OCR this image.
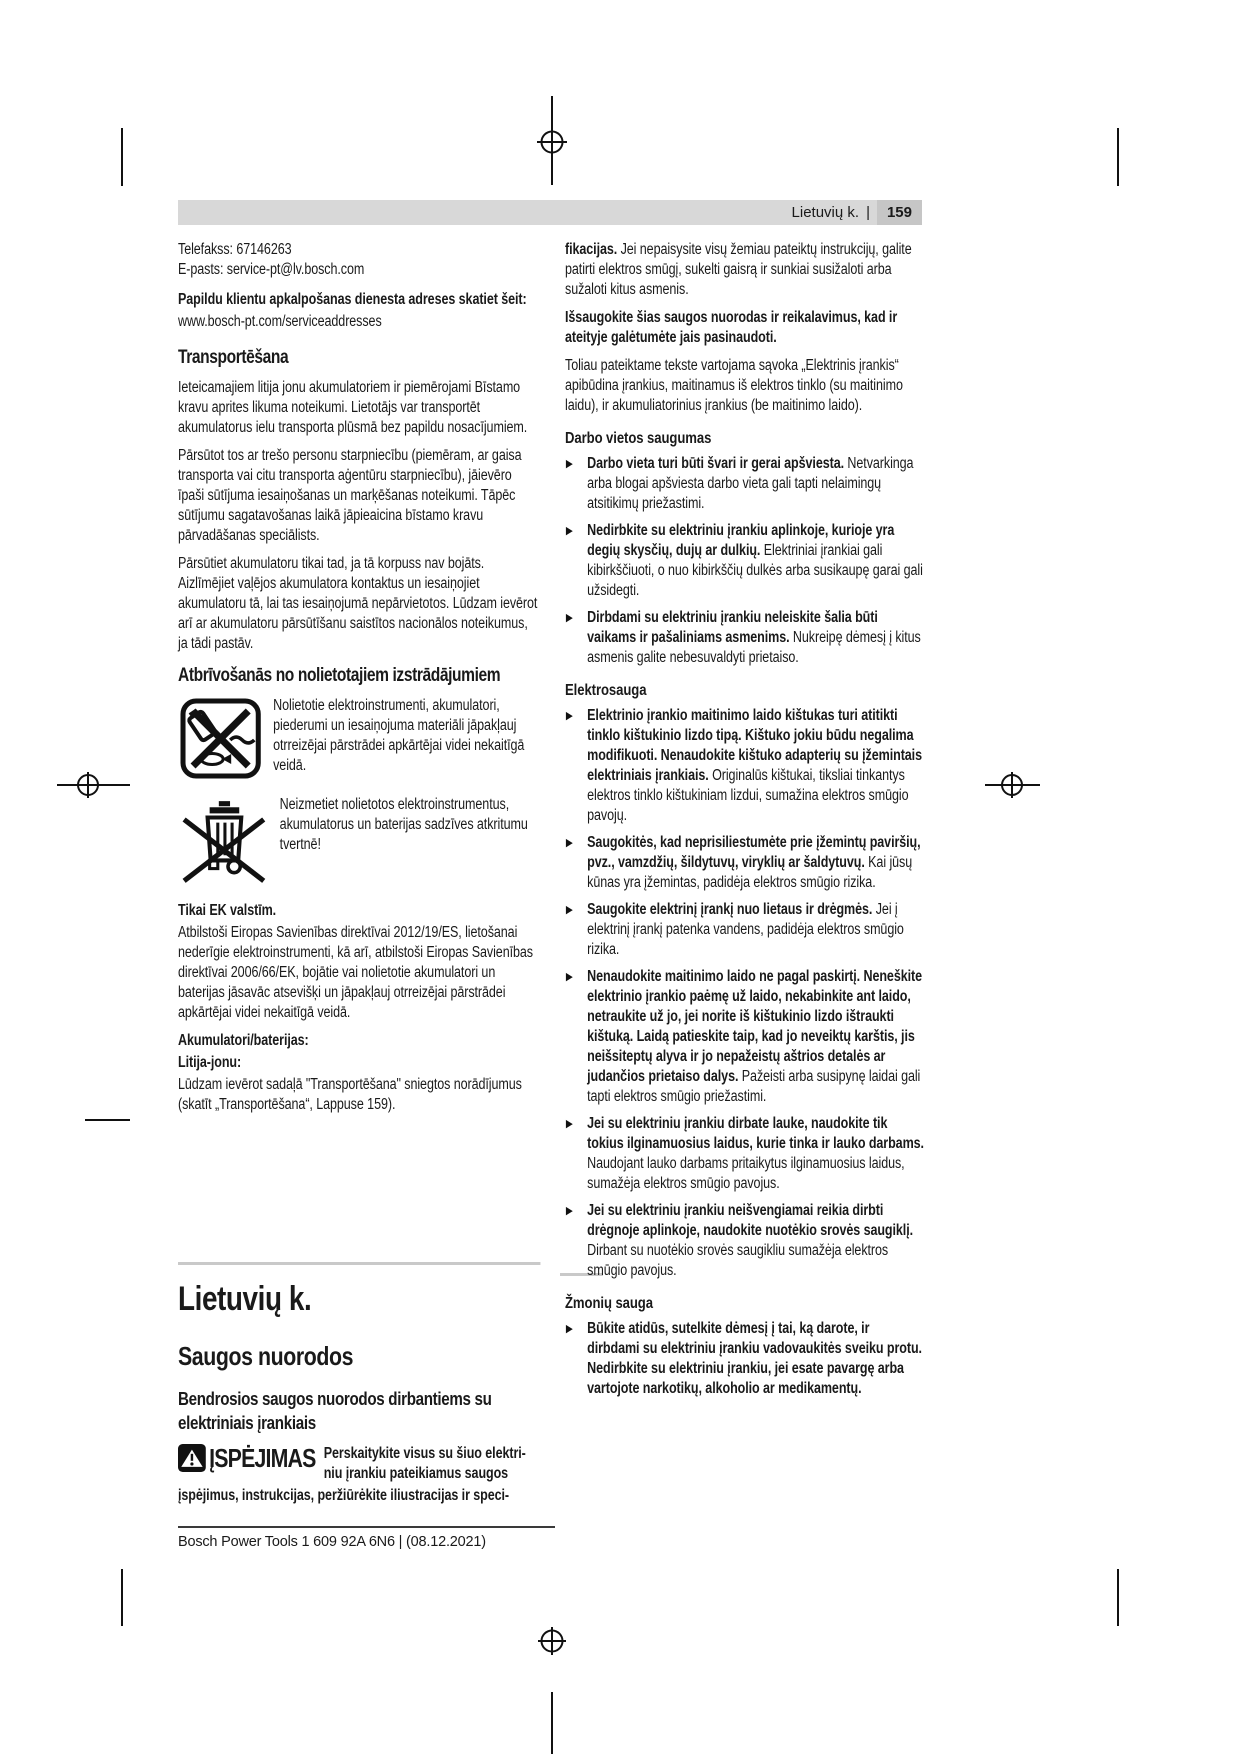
Lietuvių k. |	159

Telefakss: 67146263

E-pasts: service-pt@lv.bosch.com

Papildu klientu apkalpošanas dienesta adreses skatiet šeit:

www.bosch-pt.com/serviceaddresses

Transportēšana

Ieteicamajiem litija jonu akumulatoriem ir piemērojami Bīstamo kravu aprites likuma noteikumi. Lietotājs var transportēt akumulatorus ielu transporta plūsmā bez papildu nosacījumiem.

Pārsūtot tos ar trešo personu starpniecību (piemēram, ar gaisa transporta vai citu transporta aģentūru starpniecību), jāievēro īpaši sūtījuma iesaiņošanas un marķēšanas noteikumi. Tāpēc sūtījumu sagatavošanas laikā jāpieaicina bīstamo kravu pārvadāšanas speciālists.

Pārsūtiet akumulatoru tikai tad, ja tā korpuss nav bojāts. Aizlīmējiet vaļējos akumulatora kontaktus un iesaiņojiet akumulatoru tā, lai tas iesaiņojumā nepārvietotos. Lūdzam ievērot arī ar akumulatoru pārsūtīšanu saistītos nacionālos noteikumus, ja tādi pastāv.

Atbrīvošanās no nolietotajiem izstrādājumiem
Nolietotie elektroinstrumenti, akumulatori, piederumi un iesaiņojuma materiāli jāpakļauj otrreizējai pārstrādei apkārtējai videi nekaitīgā veidā.
Neizmetiet nolietotos elektroinstrumentus, akumulatorus un baterijas sadzīves atkritumu tvertnē!

Tikai EK valstīm.

Atbilstoši Eiropas Savienības direktīvai 2012/19/ES, lietošanai nederīgie elektroinstrumenti, kā arī, atbilstoši Eiropas Savienības direktīvai 2006/66/EK, bojātie vai nolietotie akumulatori un baterijas jāsavāc atsevišķi un jāpakļauj otrreizējai pārstrādei apkārtējai videi nekaitīgā veidā.

Akumulatori/baterijas:

Litija-jonu:

Lūdzam ievērot sadaļā "Transportēšana" sniegtos norādījumus (skatīt „Transportēšana“, Lappuse 159).

Lietuvių k.
Saugos nuorodos
Bendrosios saugos nuorodos dirbantiems su elektriniais įrankiais
ĮSPĖJIMAS Perskaitykite visus su šiuo elektri-
niu įrankiu pateikiamus saugos
įspėjimus, instrukcijas, peržiūrėkite iliustracijas ir speci-

fikacijas. Jei nepaisysite visų žemiau pateiktų instrukcijų, galite patirti elektros smūgį, sukelti gaisrą ir sunkiai susižaloti arba sužaloti kitus asmenis.

Išsaugokite šias saugos nuorodas ir reikalavimus, kad ir ateityje galėtumėte jais pasinaudoti.

Toliau pateiktame tekste vartojama sąvoka „Elektrinis įrankis“ apibūdina įrankius, maitinamus iš elektros tinklo (su maitinimo laidu), ir akumuliatorinius įrankius (be maitinimo laido).

Darbo vietos saugumas
▶ Darbo vieta turi būti švari ir gerai apšviesta. Netvarkinga arba blogai apšviesta darbo vieta gali tapti nelaimingų atsitikimų priežastimi.
▶ Nedirbkite su elektriniu įrankiu aplinkoje, kurioje yra degių skysčių, dujų ar dulkių. Elektriniai įrankiai gali kibirkščiuoti, o nuo kibirkščių dulkės arba susikaupę garai gali užsidegti.
▶ Dirbdami su elektriniu įrankiu neleiskite šalia būti vaikams ir pašaliniams asmenims. Nukreipę dėmesį į kitus asmenis galite nebesuvaldyti prietaiso.
Elektrosauga
▶ Elektrinio įrankio maitinimo laido kištukas turi atitikti tinklo kištukinio lizdo tipą. Kištuko jokiu būdu negalima modifikuoti. Nenaudokite kištuko adapterių su įžemintais elektriniais įrankiais. Originalūs kištukai, tiksliai tinkantys elektros tinklo kištukiniam lizdui, sumažina elektros smūgio pavojų.
▶ Saugokitės, kad neprisiliestumėte prie įžemintų paviršių, pvz., vamzdžių, šildytuvų, viryklių ar šaldytuvų. Kai jūsų kūnas yra įžemintas, padidėja elektros smūgio rizika.
▶ Saugokite elektrinį įrankį nuo lietaus ir drėgmės. Jei į elektrinį įrankį patenka vandens, padidėja elektros smūgio rizika.
▶ Nenaudokite maitinimo laido ne pagal paskirtį. Neneškite elektrinio įrankio paėmę už laido, nekabinkite ant laido, netraukite už jo, jei norite iš kištukinio lizdo ištraukti kištuką. Laidą patieskite taip, kad jo neveiktų karštis, jis neišsiteptų alyva ir jo nepažeistų aštrios detalės ar judančios prietaiso dalys. Pažeisti arba susipynę laidai gali tapti elektros smūgio priežastimi.
▶ Jei su elektriniu įrankiu dirbate lauke, naudokite tik tokius ilginamuosius laidus, kurie tinka ir lauko darbams. Naudojant lauko darbams pritaikytus ilginamuosius laidus, sumažėja elektros smūgio pavojus.
▶ Jei su elektriniu įrankiu neišvengiamai reikia dirbti drėgnoje aplinkoje, naudokite nuotėkio srovės saugiklį. Dirbant su nuotėkio srovės saugikliu sumažėja elektros smūgio pavojus.
Žmonių sauga
▶ Būkite atidūs, sutelkite dėmesį į tai, ką darote, ir dirbdami su elektriniu įrankiu vadovaukitės sveiku protu. Nedirbkite su elektriniu įrankiu, jei esate pavargę arba vartojote narkotikų, alkoholio ar medikamentų.
Bosch Power Tools 1 609 92A 6N6 | (08.12.2021)
